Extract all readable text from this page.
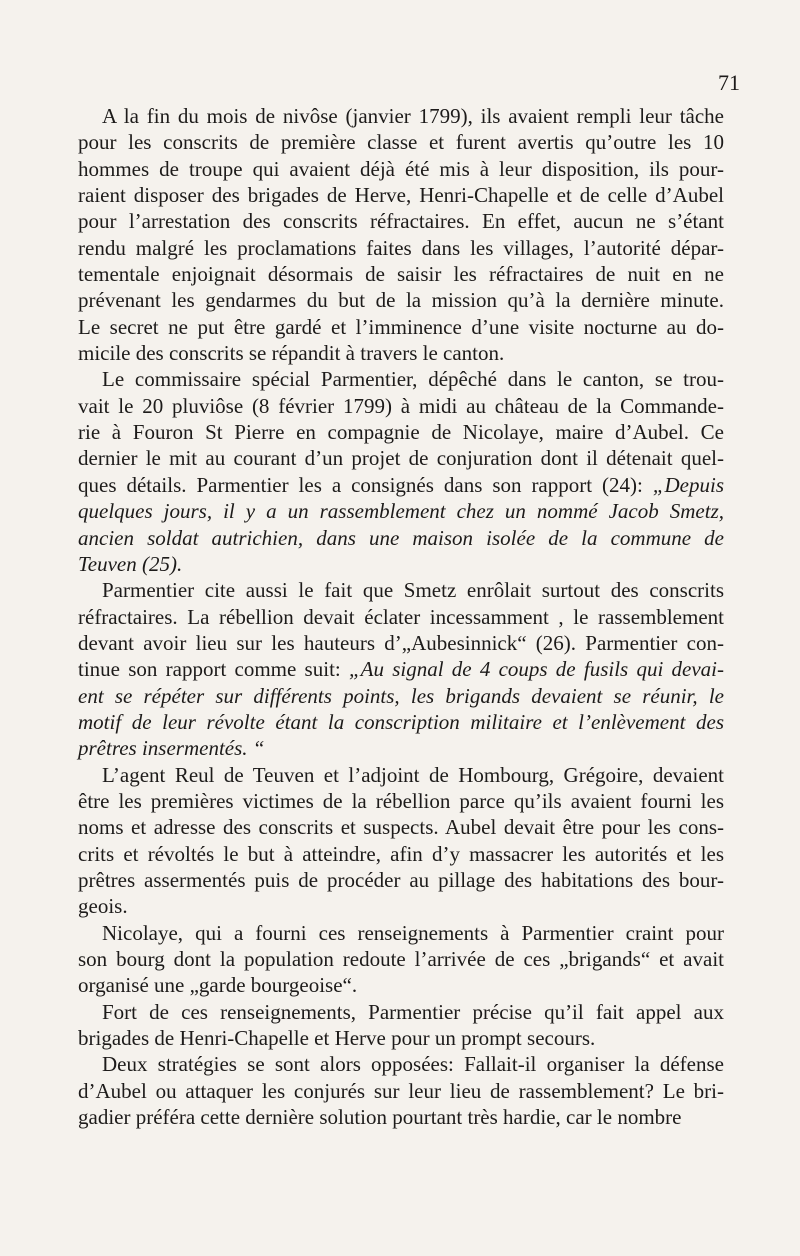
71
A la fin du mois de nivôse (janvier 1799), ils avaient rempli leur tâche
pour les conscrits de première classe et furent avertis qu’outre les 10
hommes de troupe qui avaient déjà été mis à leur disposition, ils pour-
raient disposer des brigades de Herve, Henri-Chapelle et de celle d’Aubel
pour l’arrestation des conscrits réfractaires. En effet, aucun ne s’étant
rendu malgré les proclamations faites dans les villages, l’autorité dépar-
tementale enjoignait désormais de saisir les réfractaires de nuit en ne
prévenant les gendarmes du but de la mission qu’à la dernière minute.
Le secret ne put être gardé et l’imminence d’une visite nocturne au do-
micile des conscrits se répandit à travers le canton.
Le commissaire spécial Parmentier, dépêché dans le canton, se trou-
vait le 20 pluviôse (8 février 1799) à midi au château de la Commande-
rie à Fouron St Pierre en compagnie de Nicolaye, maire d’Aubel. Ce
dernier le mit au courant d’un projet de conjuration dont il détenait quel-
ques détails. Parmentier les a consignés dans son rapport (24): „Depuis
quelques jours, il y a un rassemblement chez un nommé Jacob Smetz,
ancien soldat autrichien, dans une maison isolée de la commune de
Teuven (25).
Parmentier cite aussi le fait que Smetz enrôlait surtout des conscrits
réfractaires. La rébellion devait éclater incessamment , le rassemblement
devant avoir lieu sur les hauteurs d’„Aubesinnick“ (26). Parmentier con-
tinue son rapport comme suit: „Au signal de 4 coups de fusils qui devai-
ent se répéter sur différents points, les brigands devaient se réunir, le
motif de leur révolte étant la conscription militaire et l’enlèvement des
prêtres insermentés. “
L’agent Reul de Teuven et l’adjoint de Hombourg, Grégoire, devaient
être les premières victimes de la rébellion parce qu’ils avaient fourni les
noms et adresse des conscrits et suspects. Aubel devait être pour les cons-
crits et révoltés le but à atteindre, afin d’y massacrer les autorités et les
prêtres assermentés puis de procéder au pillage des habitations des bour-
geois.
Nicolaye, qui a fourni ces renseignements à Parmentier craint pour
son bourg dont la population redoute l’arrivée de ces „brigands“ et avait
organisé une „garde bourgeoise“.
Fort de ces renseignements, Parmentier précise qu’il fait appel aux
brigades de Henri-Chapelle et Herve pour un prompt secours.
Deux stratégies se sont alors opposées: Fallait-il organiser la défense
d’Aubel ou attaquer les conjurés sur leur lieu de rassemblement? Le bri-
gadier préféra cette dernière solution pourtant très hardie, car le nombre
